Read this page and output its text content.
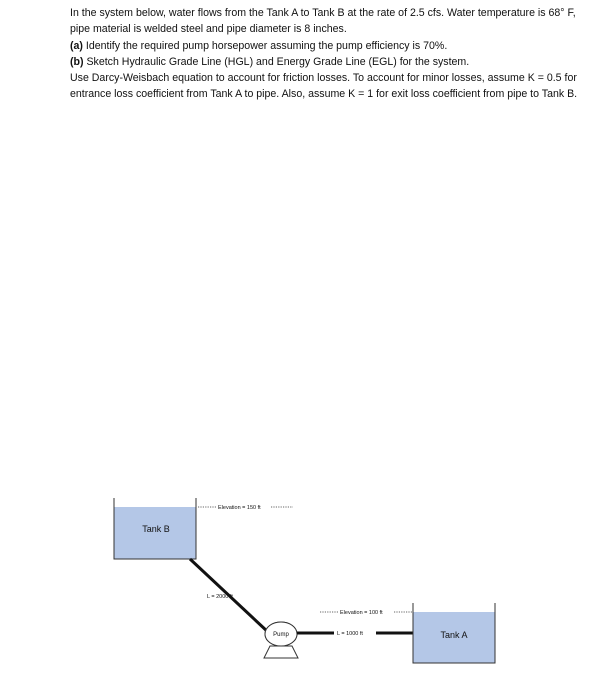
In the system below, water flows from the Tank A to Tank B at the rate of 2.5 cfs. Water temperature is 68° F, pipe material is welded steel and pipe diameter is 8 inches.

(a) Identify the required pump horsepower assuming the pump efficiency is 70%.

(b) Sketch Hydraulic Grade Line (HGL) and Energy Grade Line (EGL) for the system.

Use Darcy-Weisbach equation to account for friction losses. To account for minor losses, assume K = 0.5 for entrance loss coefficient from Tank A to pipe. Also, assume K = 1 for exit loss coefficient from pipe to Tank B.

Tank B
Elevation = 150 ft
L = 2000 ft
Pump	L = 1000 ft
Elevation = 100 ft
Tank A
